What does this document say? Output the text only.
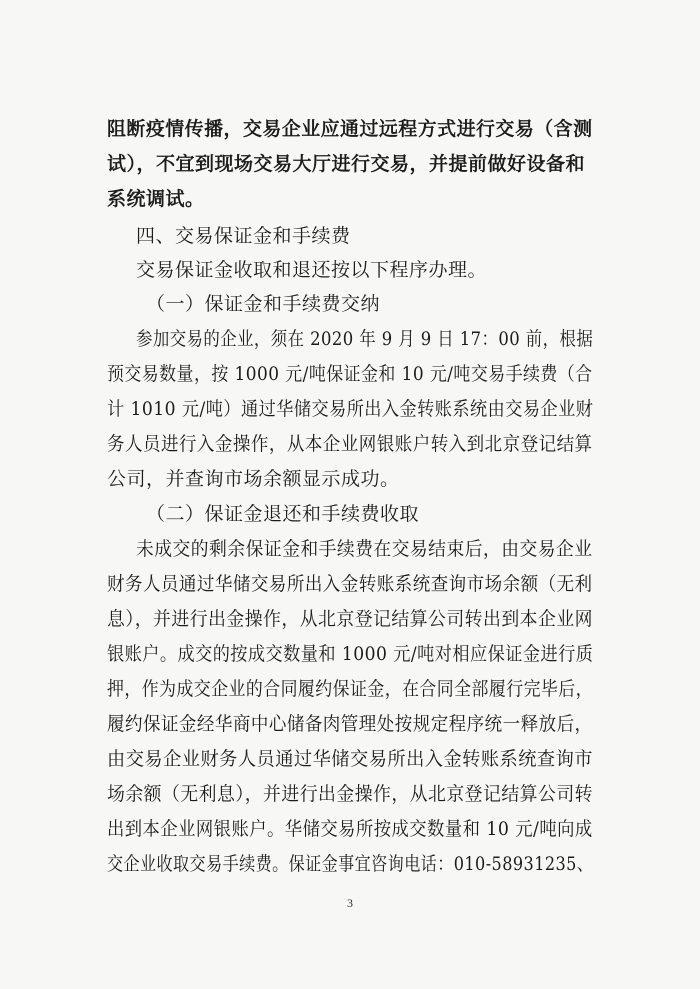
阻断疫情传播，交易企业应通过远程方式进行交易（含测
试），不宜到现场交易大厅进行交易，并提前做好设备和
系统调试。
四、交易保证金和手续费
交易保证金收取和退还按以下程序办理。
（一）保证金和手续费交纳
参加交易的企业，须在 2020 年 9 月 9 日 17：00 前，根据
预交易数量，按 1000 元/吨保证金和 10 元/吨交易手续费（合
计 1010 元/吨）通过华储交易所出入金转账系统由交易企业财
务人员进行入金操作，从本企业网银账户转入到北京登记结算
公司，并查询市场余额显示成功。
（二）保证金退还和手续费收取
未成交的剩余保证金和手续费在交易结束后，由交易企业
财务人员通过华储交易所出入金转账系统查询市场余额（无利
息），并进行出金操作，从北京登记结算公司转出到本企业网
银账户。成交的按成交数量和 1000 元/吨对相应保证金进行质
押，作为成交企业的合同履约保证金，在合同全部履行完毕后，
履约保证金经华商中心储备肉管理处按规定程序统一释放后，
由交易企业财务人员通过华储交易所出入金转账系统查询市
场余额（无利息），并进行出金操作，从北京登记结算公司转
出到本企业网银账户。华储交易所按成交数量和 10 元/吨向成
交企业收取交易手续费。保证金事宜咨询电话：010-58931235、
3
